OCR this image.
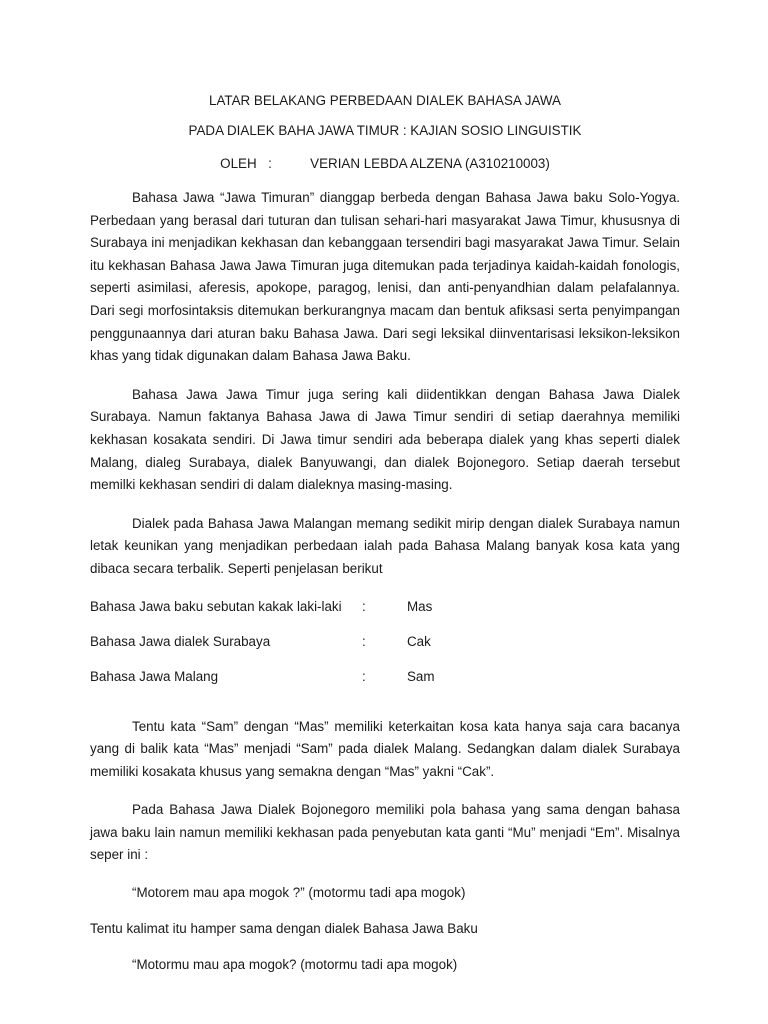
LATAR BELAKANG PERBEDAAN DIALEK BAHASA JAWA

PADA DIALEK BAHA JAWA TIMUR : KAJIAN SOSIO LINGUISTIK

OLEH :	VERIAN LEBDA ALZENA (A310210003)

Bahasa Jawa “Jawa Timuran” dianggap berbeda dengan Bahasa Jawa baku Solo-Yogya. Perbedaan yang berasal dari tuturan dan tulisan sehari-hari masyarakat Jawa Timur, khususnya di Surabaya ini menjadikan kekhasan dan kebanggaan tersendiri bagi masyarakat Jawa Timur. Selain itu kekhasan Bahasa Jawa Jawa Timuran juga ditemukan pada terjadinya kaidah-kaidah fonologis, seperti asimilasi, aferesis, apokope, paragog, lenisi, dan anti-penyandhian dalam pelafalannya. Dari segi morfosintaksis ditemukan berkurangnya macam dan bentuk afiksasi serta penyimpangan penggunaannya dari aturan baku Bahasa Jawa. Dari segi leksikal diinventarisasi leksikon-leksikon khas yang tidak digunakan dalam Bahasa Jawa Baku.

Bahasa Jawa Jawa Timur juga sering kali diidentikkan dengan Bahasa Jawa Dialek Surabaya. Namun faktanya Bahasa Jawa di Jawa Timur sendiri di setiap daerahnya memiliki kekhasan kosakata sendiri. Di Jawa timur sendiri ada beberapa dialek yang khas seperti dialek Malang, dialeg Surabaya, dialek Banyuwangi, dan dialek Bojonegoro. Setiap daerah tersebut memilki kekhasan sendiri di dalam dialeknya masing-masing.

Dialek pada Bahasa Jawa Malangan memang sedikit mirip dengan dialek Surabaya namun letak keunikan yang menjadikan perbedaan ialah pada Bahasa Malang banyak kosa kata yang dibaca secara terbalik. Seperti penjelasan berikut

Bahasa Jawa baku sebutan kakak laki-laki	:	Mas
Bahasa Jawa dialek Surabaya	:	Cak
Bahasa Jawa Malang	:	Sam

Tentu kata “Sam” dengan “Mas” memiliki keterkaitan kosa kata hanya saja cara bacanya yang di balik kata “Mas” menjadi “Sam” pada dialek Malang. Sedangkan dalam dialek Surabaya memiliki kosakata khusus yang semakna dengan “Mas” yakni “Cak”.

Pada Bahasa Jawa Dialek Bojonegoro memiliki pola bahasa yang sama dengan bahasa jawa baku lain namun memiliki kekhasan pada penyebutan kata ganti “Mu” menjadi “Em”. Misalnya seper ini :

“Motorem mau apa mogok ?” (motormu tadi apa mogok)

Tentu kalimat itu hamper sama dengan dialek Bahasa Jawa Baku

“Motormu mau apa mogok? (motormu tadi apa mogok)
